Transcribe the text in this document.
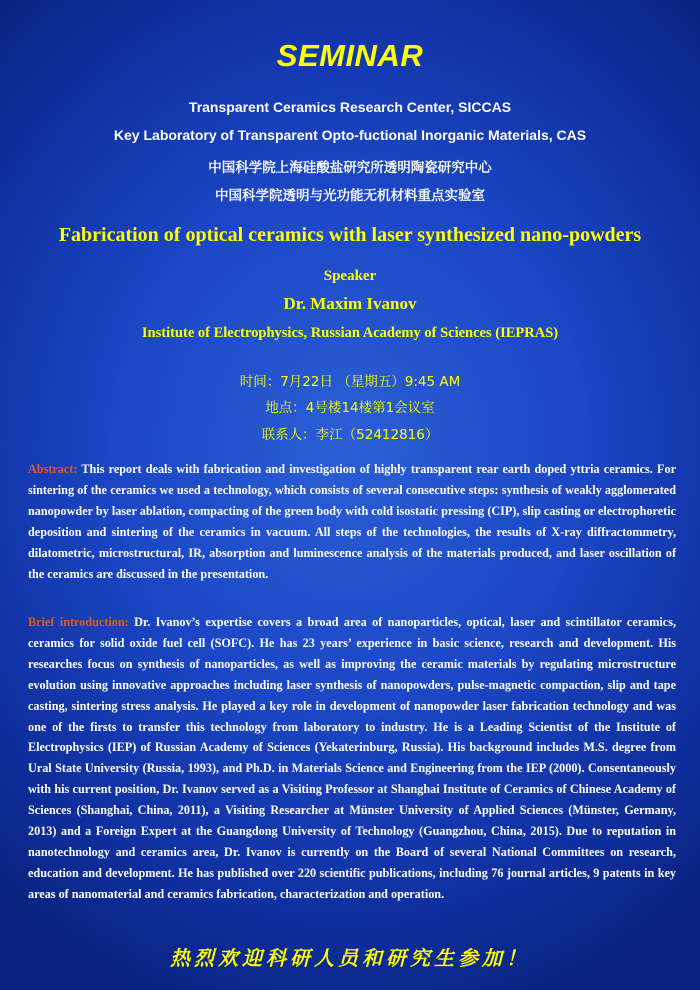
SEMINAR
Transparent Ceramics Research Center, SICCAS
Key Laboratory of Transparent Opto-fuctional Inorganic Materials, CAS
中国科学院上海硅酸盐研究所透明陶瓷研究中心
中国科学院透明与光功能无机材料重点实验室
Fabrication of optical ceramics with laser synthesized nano-powders
Speaker
Dr. Maxim Ivanov
Institute of Electrophysics, Russian Academy of Sciences (IEPRAS)
时间：7月22日 （星期五）9:45 AM
地点：4号楼14楼第1会议室
联系人：李江（52412816）
Abstract: This report deals with fabrication and investigation of highly transparent rear earth doped yttria ceramics. For sintering of the ceramics we used a technology, which consists of several consecutive steps: synthesis of weakly agglomerated nanopowder by laser ablation, compacting of the green body with cold isostatic pressing (CIP), slip casting or electrophoretic deposition and sintering of the ceramics in vacuum. All steps of the technologies, the results of X-ray diffractommetry, dilatometric, microstructural, IR, absorption and luminescence analysis of the materials produced, and laser oscillation of the ceramics are discussed in the presentation.
Brief introduction: Dr. Ivanov’s expertise covers a broad area of nanoparticles, optical, laser and scintillator ceramics, ceramics for solid oxide fuel cell (SOFC). He has 23 years’ experience in basic science, research and development. His researches focus on synthesis of nanoparticles, as well as improving the ceramic materials by regulating microstructure evolution using innovative approaches including laser synthesis of nanopowders, pulse-magnetic compaction, slip and tape casting, sintering stress analysis. He played a key role in development of nanopowder laser fabrication technology and was one of the firsts to transfer this technology from laboratory to industry. He is a Leading Scientist of the Institute of Electrophysics (IEP) of Russian Academy of Sciences (Yekaterinburg, Russia). His background includes M.S. degree from Ural State University (Russia, 1993), and Ph.D. in Materials Science and Engineering from the IEP (2000). Consentaneously with his current position, Dr. Ivanov served as a Visiting Professor at Shanghai Institute of Ceramics of Chinese Academy of Sciences (Shanghai, China, 2011), a Visiting Researcher at Münster University of Applied Sciences (Münster, Germany, 2013) and a Foreign Expert at the Guangdong University of Technology (Guangzhou, China, 2015). Due to reputation in nanotechnology and ceramics area, Dr. Ivanov is currently on the Board of several National Committees on research, education and development. He has published over 220 scientific publications, including 76 journal articles, 9 patents in key areas of nanomaterial and ceramics fabrication, characterization and operation.
热烈欢迎科研人员和研究生参加！
